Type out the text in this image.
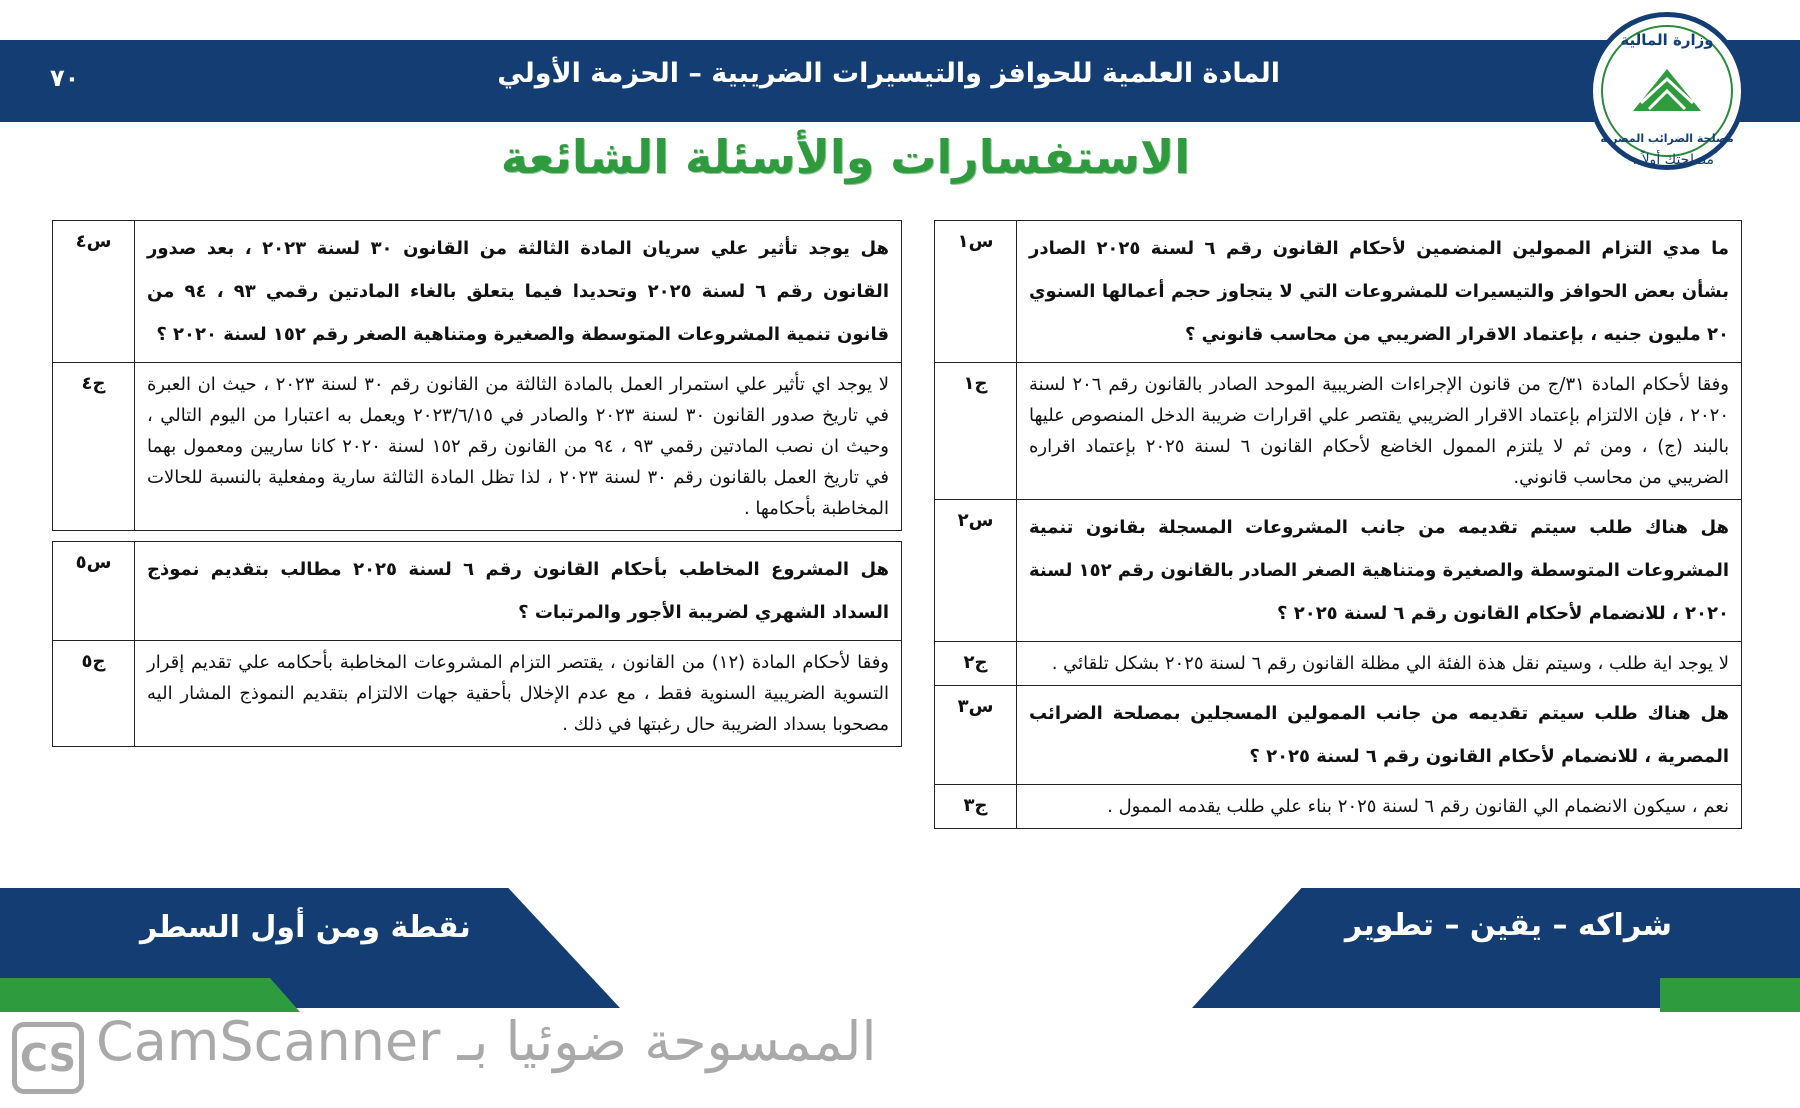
المادة العلمية للحوافز والتيسيرات الضريبية – الحزمة الأولي
٧٠
وزارة المالية
مصلحة الضرائب المصرية
مصلحتك أولاً..
الاستفسارات والأسئلة الشائعة
ما مدي التزام الممولين المنضمين لأحكام القانون رقم ٦ لسنة ٢٠٢٥ الصادر بشأن بعض الحوافز والتيسيرات للمشروعات التي لا يتجاوز حجم أعمالها السنوي ٢٠ مليون جنيه ، بإعتماد الاقرار الضريبي من محاسب قانوني ؟	س١
وفقا لأحكام المادة ٣١/ج من قانون الإجراءات الضريبية الموحد الصادر بالقانون رقم ٢٠٦ لسنة ٢٠٢٠ ، فإن الالتزام بإعتماد الاقرار الضريبي يقتصر علي اقرارات ضريبة الدخل المنصوص عليها بالبند (ج) ، ومن ثم لا يلتزم الممول الخاضع لأحكام القانون ٦ لسنة ٢٠٢٥ بإعتماد اقراره الضريبي من محاسب قانوني.	ج١
هل هناك طلب سيتم تقديمه من جانب المشروعات المسجلة بقانون تنمية المشروعات المتوسطة والصغيرة ومتناهية الصغر الصادر بالقانون رقم ١٥٢ لسنة ٢٠٢٠ ، للانضمام لأحكام القانون رقم ٦ لسنة ٢٠٢٥ ؟	س٢
لا يوجد اية طلب ، وسيتم نقل هذة الفئة الي مظلة القانون رقم ٦ لسنة ٢٠٢٥ بشكل تلقائي .	ج٢
هل هناك طلب سيتم تقديمه من جانب الممولين المسجلين بمصلحة الضرائب المصرية ، للانضمام لأحكام القانون رقم ٦ لسنة ٢٠٢٥ ؟	س٣
نعم ، سيكون الانضمام الي القانون رقم ٦ لسنة ٢٠٢٥ بناء علي طلب يقدمه الممول .	ج٣
هل يوجد تأثير علي سريان المادة الثالثة من القانون ٣٠ لسنة ٢٠٢٣ ، بعد صدور القانون رقم ٦ لسنة ٢٠٢٥ وتحديدا فيما يتعلق بالغاء المادتين رقمي ٩٣ ، ٩٤ من قانون تنمية المشروعات المتوسطة والصغيرة ومتناهية الصغر رقم ١٥٢ لسنة ٢٠٢٠ ؟	س٤
لا يوجد اي تأثير علي استمرار العمل بالمادة الثالثة من القانون رقم ٣٠ لسنة ٢٠٢٣ ، حيث ان العبرة في تاريخ صدور القانون ٣٠ لسنة ٢٠٢٣ والصادر في ٢٠٢٣/٦/١٥ ويعمل به اعتبارا من اليوم التالي ، وحيث ان نصب المادتين رقمي ٩٣ ، ٩٤ من القانون رقم ١٥٢ لسنة ٢٠٢٠ كانا ساريين ومعمول بهما في تاريخ العمل بالقانون رقم ٣٠ لسنة ٢٠٢٣ ، لذا تظل المادة الثالثة سارية ومفعلية بالنسبة للحالات المخاطبة بأحكامها .	ج٤
هل المشروع المخاطب بأحكام القانون رقم ٦ لسنة ٢٠٢٥ مطالب بتقديم نموذج السداد الشهري لضريبة الأجور والمرتبات ؟	س٥
وفقا لأحكام المادة (١٢) من القانون ، يقتصر التزام المشروعات المخاطبة بأحكامه علي تقديم إقرار التسوية الضريبية السنوية فقط ، مع عدم الإخلال بأحقية جهات الالتزام بتقديم النموذج المشار اليه مصحوبا بسداد الضريبة حال رغبتها في ذلك .	ج٥
نقطة ومن أول السطر	شراكه – يقين – تطوير
CS الممسوحة ضوئيا بـ CamScanner
